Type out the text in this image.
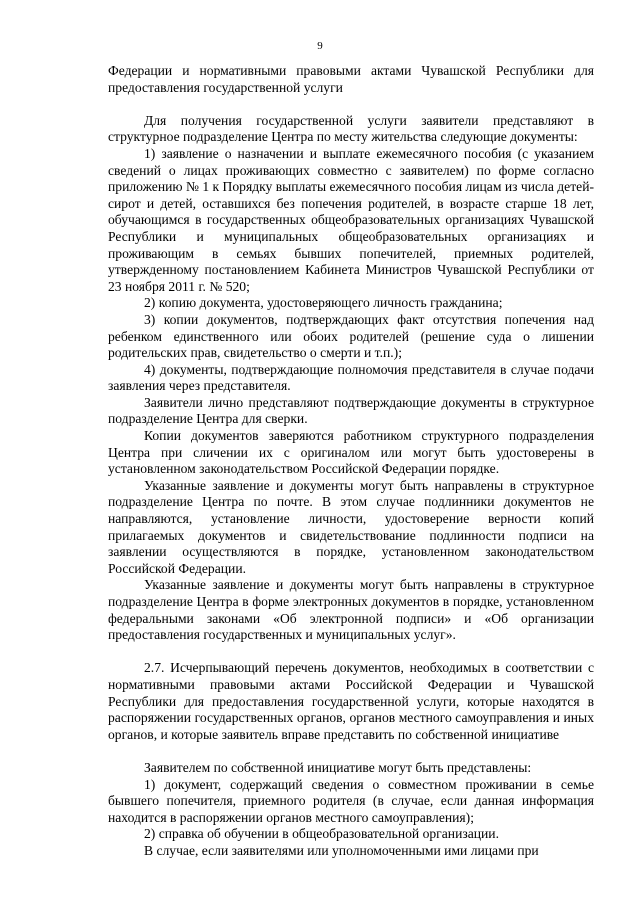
9

Федерации и нормативными правовыми актами Чувашской Республики для предоставления государственной услуги

Для получения государственной услуги заявители представляют в структурное подразделение Центра по месту жительства следующие документы:

1) заявление о назначении и выплате ежемесячного пособия (с указанием сведений о лицах проживающих совместно с заявителем) по форме согласно приложению № 1 к Порядку выплаты ежемесячного пособия лицам из числа детей-сирот и детей, оставшихся без попечения родителей, в возрасте старше 18 лет, обучающимся в государственных общеобразовательных организациях Чувашской Республики и муниципальных общеобразовательных организациях и проживающим в семьях бывших попечителей, приемных родителей, утвержденному постановлением Кабинета Министров Чувашской Республики от 23 ноября 2011 г. № 520;

2) копию документа, удостоверяющего личность гражданина;

3) копии документов, подтверждающих факт отсутствия попечения над ребенком единственного или обоих родителей (решение суда о лишении родительских прав, свидетельство о смерти и т.п.);

4) документы, подтверждающие полномочия представителя в случае подачи заявления через представителя.

Заявители лично представляют подтверждающие документы в структурное подразделение Центра для сверки.

Копии документов заверяются работником структурного подразделения Центра при сличении их с оригиналом или могут быть удостоверены в установленном законодательством Российской Федерации порядке.

Указанные заявление и документы могут быть направлены в структурное подразделение Центра по почте. В этом случае подлинники документов не направляются, установление личности, удостоверение верности копий прилагаемых документов и свидетельствование подлинности подписи на заявлении осуществляются в порядке, установленном законодательством Российской Федерации.

Указанные заявление и документы могут быть направлены в структурное подразделение Центра в форме электронных документов в порядке, установленном федеральными законами «Об электронной подписи» и «Об организации предоставления государственных и муниципальных услуг».

2.7. Исчерпывающий перечень документов, необходимых в соответствии с нормативными правовыми актами Российской Федерации и Чувашской Республики для предоставления государственной услуги, которые находятся в распоряжении государственных органов, органов местного самоуправления и иных органов, и которые заявитель вправе представить по собственной инициативе

Заявителем по собственной инициативе могут быть представлены:

1) документ, содержащий сведения о совместном проживании в семье бывшего попечителя, приемного родителя (в случае, если данная информация находится в распоряжении органов местного самоуправления);

2) справка об обучении в общеобразовательной организации.

В случае, если заявителями или уполномоченными ими лицами при
